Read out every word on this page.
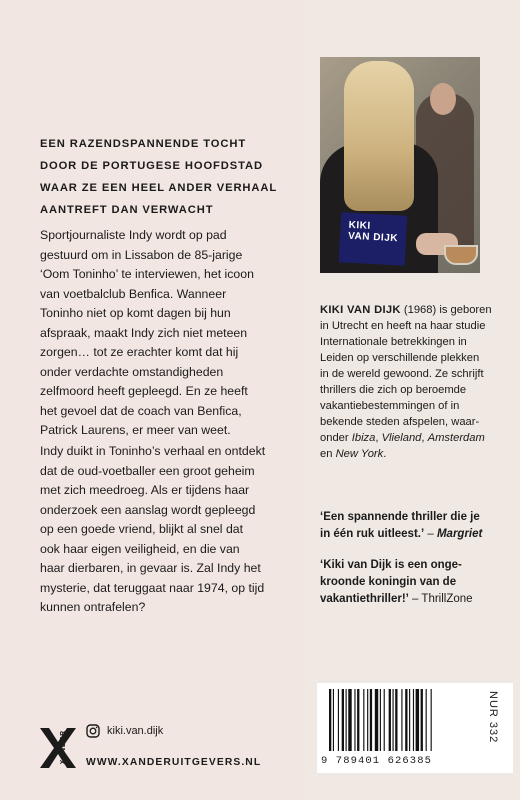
EEN RAZENDSPANNENDE TOCHT
DOOR DE PORTUGESE HOOFDSTAD
WAAR ZE EEN HEEL ANDER VERHAAL
AANTREFT DAN VERWACHT
Sportjournaliste Indy wordt op pad
gestuurd om in Lissabon de 85-jarige
‘Oom Toninho’ te interviewen, het icoon
van voetbalclub Benfica. Wanneer
Toninho niet op komt dagen bij hun
afspraak, maakt Indy zich niet meteen
zorgen… tot ze erachter komt dat hij
onder verdachte omstandigheden
zelfmoord heeft gepleegd. En ze heeft
het gevoel dat de coach van Benfica,
Patrick Laurens, er meer van weet.
Indy duikt in Toninho’s verhaal en ontdekt
dat de oud-voetballer een groot geheim
met zich meedroeg. Als er tijdens haar
onderzoek een aanslag wordt gepleegd
op een goede vriend, blijkt al snel dat
ook haar eigen veiligheid, en die van
haar dierbaren, in gevaar is. Zal Indy het
mysterie, dat teruggaat naar 1974, op tijd
kunnen ontrafelen?
KIKI
VAN DIJK
KIKI VAN DIJK (1968) is geboren
in Utrecht en heeft na haar studie
Internationale betrekkingen in
Leiden op verschillende plekken
in de wereld gewoond. Ze schrijft
thrillers die zich op beroemde
vakantiebestemmingen of in
bekende steden afspelen, waar-
onder Ibiza, Vlieland, Amsterdam
en New York.
‘Een spannende thriller die je
in één ruk uitleest.’ – Margriet
‘Kiki van Dijk is een onge-
kroonde koningin van de
vakantiethriller!’ – ThrillZone
9 789401 626385
NUR 332
XANDER	kiki.van.dijk
WWW.XANDERUITGEVERS.NL
